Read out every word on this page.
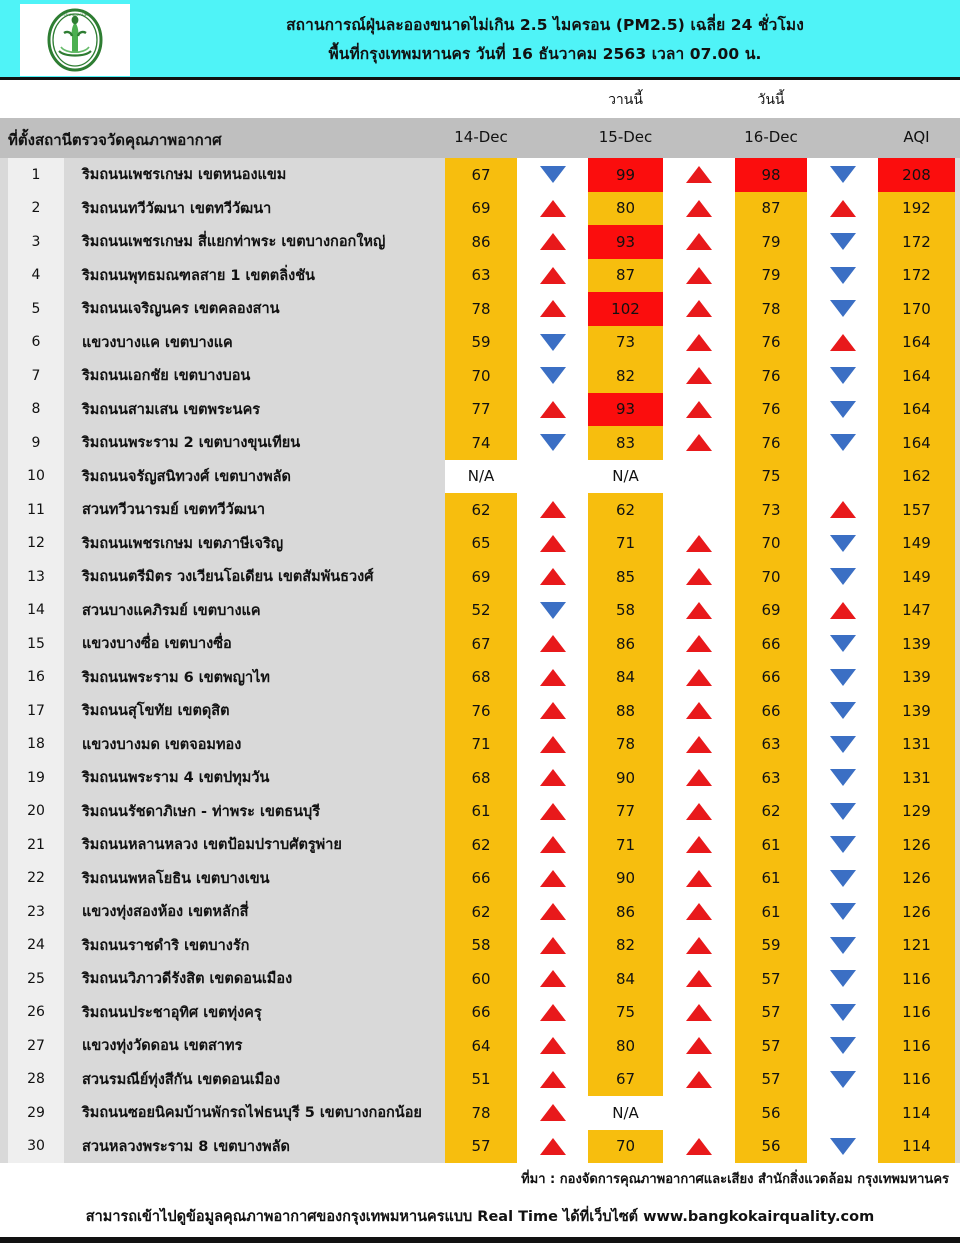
กรุงเทพมหานคร
สถานการณ์ฝุ่นละอองขนาดไม่เกิน 2.5 ไมครอน (PM2.5) เฉลี่ย 24 ชั่วโมง
พื้นที่กรุงเทพมหานคร วันที่ 16 ธันวาคม 2563 เวลา 07.00 น.
วานนี้	วันนี้
ที่ตั้งสถานีตรวจวัดคุณภาพอากาศ	14-Dec	15-Dec	16-Dec	AQI
1	ริมถนนเพชรเกษม เขตหนองแขม	67	99	98	208
2	ริมถนนทวีวัฒนา เขตทวีวัฒนา	69	80	87	192
3	ริมถนนเพชรเกษม สี่แยกท่าพระ เขตบางกอกใหญ่	86	93	79	172
4	ริมถนนพุทธมณฑลสาย 1 เขตตลิ่งชัน	63	87	79	172
5	ริมถนนเจริญนคร เขตคลองสาน	78	102	78	170
6	แขวงบางแค เขตบางแค	59	73	76	164
7	ริมถนนเอกชัย เขตบางบอน	70	82	76	164
8	ริมถนนสามเสน เขตพระนคร	77	93	76	164
9	ริมถนนพระราม 2 เขตบางขุนเทียน	74	83	76	164
10	ริมถนนจรัญสนิทวงศ์ เขตบางพลัด	N/A	N/A	75	162
11	สวนทวีวนารมย์ เขตทวีวัฒนา	62	62	73	157
12	ริมถนนเพชรเกษม เขตภาษีเจริญ	65	71	70	149
13	ริมถนนตรีมิตร วงเวียนโอเดียน เขตสัมพันธวงศ์	69	85	70	149
14	สวนบางแคภิรมย์ เขตบางแค	52	58	69	147
15	แขวงบางซื่อ เขตบางซื่อ	67	86	66	139
16	ริมถนนพระราม 6 เขตพญาไท	68	84	66	139
17	ริมถนนสุโขทัย เขตดุสิต	76	88	66	139
18	แขวงบางมด เขตจอมทอง	71	78	63	131
19	ริมถนนพระราม 4 เขตปทุมวัน	68	90	63	131
20	ริมถนนรัชดาภิเษก - ท่าพระ เขตธนบุรี	61	77	62	129
21	ริมถนนหลานหลวง เขตป้อมปราบศัตรูพ่าย	62	71	61	126
22	ริมถนนพหลโยธิน เขตบางเขน	66	90	61	126
23	แขวงทุ่งสองห้อง เขตหลักสี่	62	86	61	126
24	ริมถนนราชดำริ เขตบางรัก	58	82	59	121
25	ริมถนนวิภาวดีรังสิต เขตดอนเมือง	60	84	57	116
26	ริมถนนประชาอุทิศ เขตทุ่งครุ	66	75	57	116
27	แขวงทุ่งวัดดอน เขตสาทร	64	80	57	116
28	สวนรมณีย์ทุ่งสีกัน เขตดอนเมือง	51	67	57	116
29	ริมถนนซอยนิคมบ้านพักรถไฟธนบุรี 5 เขตบางกอกน้อย	78	N/A	56	114
30	สวนหลวงพระราม 8 เขตบางพลัด	57	70	56	114
ที่มา : กองจัดการคุณภาพอากาศและเสียง สำนักสิ่งแวดล้อม กรุงเทพมหานคร
สามารถเข้าไปดูข้อมูลคุณภาพอากาศของกรุงเทพมหานครแบบ Real Time ได้ที่เว็บไซต์ www.bangkokairquality.com
